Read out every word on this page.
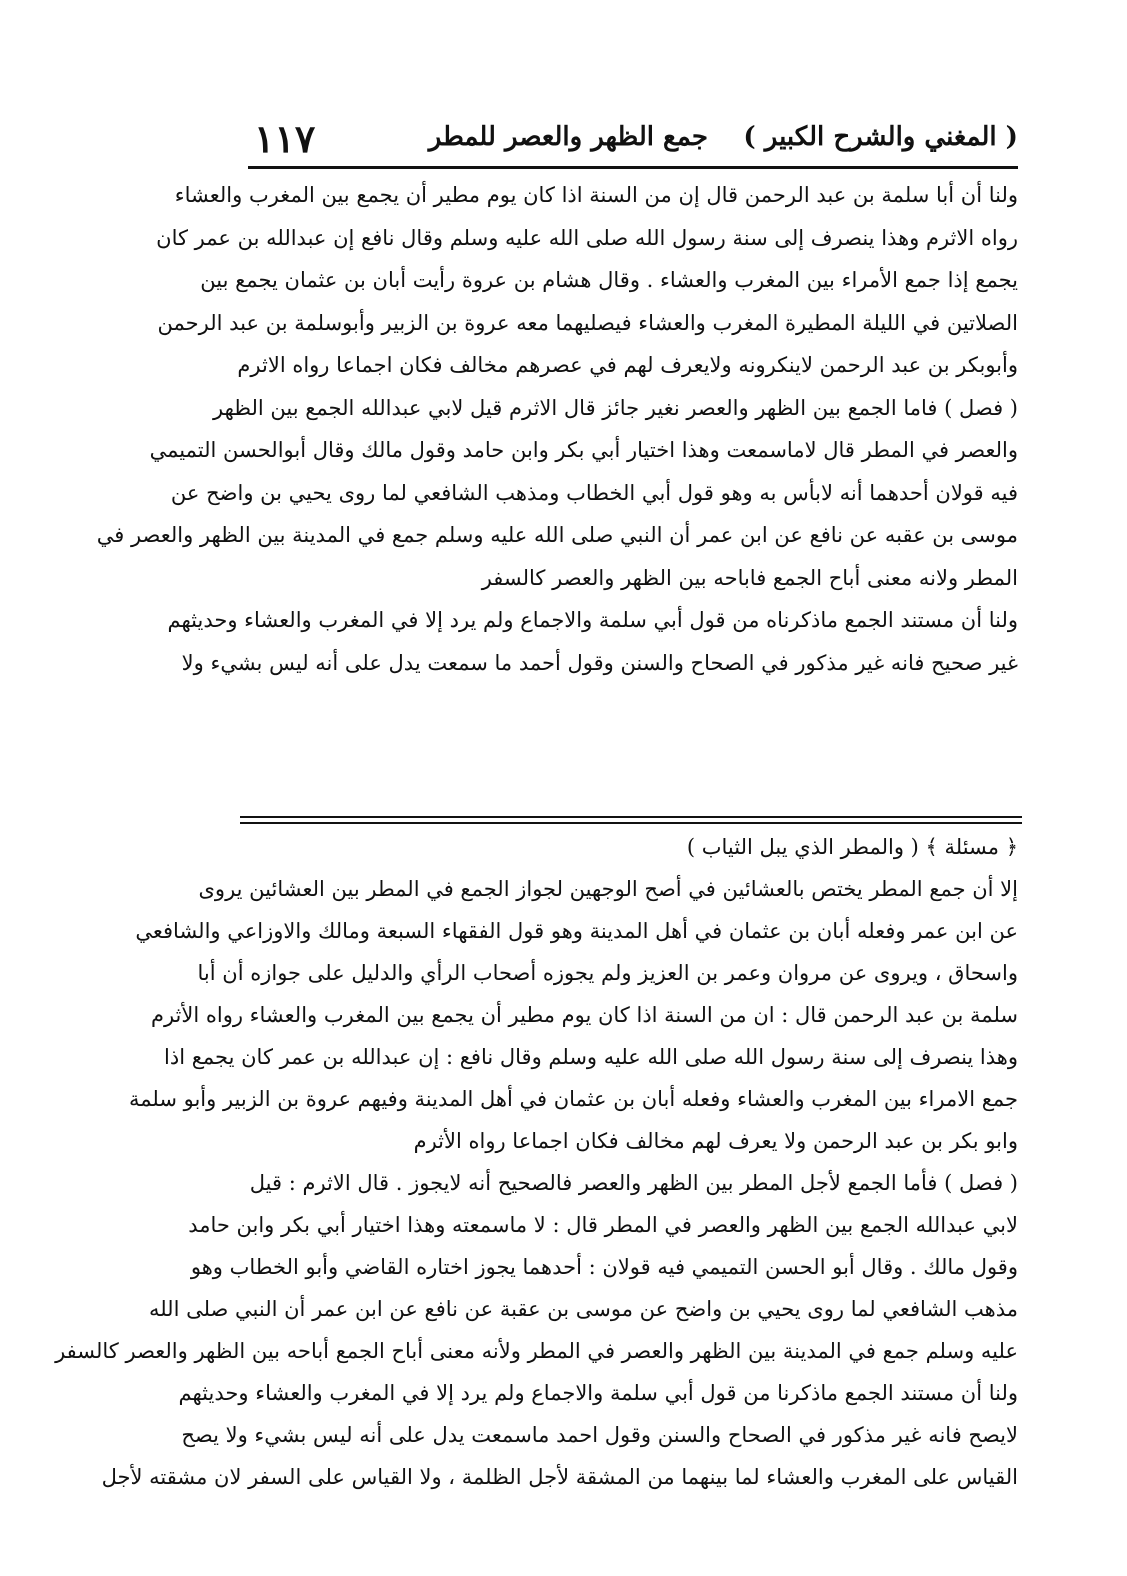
( المغني والشرح الكبير )
جمع الظهر والعصر للمطر
١١٧
ولنا أن أبا سلمة بن عبد الرحمن قال إن من السنة اذا كان يوم مطير أن يجمع بين المغرب والعشاء
رواه الاثرم وهذا ينصرف إلى سنة رسول الله صلى الله عليه وسلم وقال نافع إن عبدالله بن عمر كان
يجمع إذا جمع الأمراء بين المغرب والعشاء . وقال هشام بن عروة رأيت أبان بن عثمان يجمع بين
الصلاتين في الليلة المطيرة المغرب والعشاء فيصليهما معه عروة بن الزبير وأبوسلمة بن عبد الرحمن
وأبوبكر بن عبد الرحمن لاينكرونه ولايعرف لهم في عصرهم مخالف فكان اجماعا رواه الاثرم
( فصل ) فاما الجمع بين الظهر والعصر نغير جائز قال الاثرم قيل لابي عبدالله الجمع بين الظهر
والعصر في المطر قال لاماسمعت وهذا اختيار أبي بكر وابن حامد وقول مالك وقال أبوالحسن التميمي
فيه قولان أحدهما أنه لابأس به وهو قول أبي الخطاب ومذهب الشافعي لما روى يحيي بن واضح عن
موسى بن عقبه عن نافع عن ابن عمر أن النبي صلى الله عليه وسلم جمع في المدينة بين الظهر والعصر في
المطر ولانه معنى أباح الجمع فاباحه بين الظهر والعصر كالسفر
ولنا أن مستند الجمع ماذكرناه من قول أبي سلمة والاجماع ولم يرد إلا في المغرب والعشاء وحديثهم
غير صحيح فانه غير مذكور في الصحاح والسنن وقول أحمد ما سمعت يدل على أنه ليس بشيء ولا
﴿ مسئلة ﴾ ( والمطر الذي يبل الثياب )
إلا أن جمع المطر يختص بالعشائين في أصح الوجهين لجواز الجمع في المطر بين العشائين يروى
عن ابن عمر وفعله أبان بن عثمان في أهل المدينة وهو قول الفقهاء السبعة ومالك والاوزاعي والشافعي
واسحاق ، ويروى عن مروان وعمر بن العزيز ولم يجوزه أصحاب الرأي والدليل على جوازه أن أبا
سلمة بن عبد الرحمن قال : ان من السنة اذا كان يوم مطير أن يجمع بين المغرب والعشاء رواه الأثرم
وهذا ينصرف إلى سنة رسول الله صلى الله عليه وسلم وقال نافع : إن عبدالله بن عمر كان يجمع اذا
جمع الامراء بين المغرب والعشاء وفعله أبان بن عثمان في أهل المدينة وفيهم عروة بن الزبير وأبو سلمة
وابو بكر بن عبد الرحمن ولا يعرف لهم مخالف فكان اجماعا رواه الأثرم
( فصل ) فأما الجمع لأجل المطر بين الظهر والعصر فالصحيح أنه لايجوز . قال الاثرم : قيل
لابي عبدالله الجمع بين الظهر والعصر في المطر قال : لا ماسمعته وهذا اختيار أبي بكر وابن حامد
وقول مالك . وقال أبو الحسن التميمي فيه قولان : أحدهما يجوز اختاره القاضي وأبو الخطاب وهو
مذهب الشافعي لما روى يحيي بن واضح عن موسى بن عقبة عن نافع عن ابن عمر أن النبي صلى الله
عليه وسلم جمع في المدينة بين الظهر والعصر في المطر ولأنه معنى أباح الجمع أباحه بين الظهر والعصر كالسفر
ولنا أن مستند الجمع ماذكرنا من قول أبي سلمة والاجماع ولم يرد إلا في المغرب والعشاء وحديثهم
لايصح فانه غير مذكور في الصحاح والسنن وقول احمد ماسمعت يدل على أنه ليس بشيء ولا يصح
القياس على المغرب والعشاء لما بينهما من المشقة لأجل الظلمة ، ولا القياس على السفر لان مشقته لأجل
